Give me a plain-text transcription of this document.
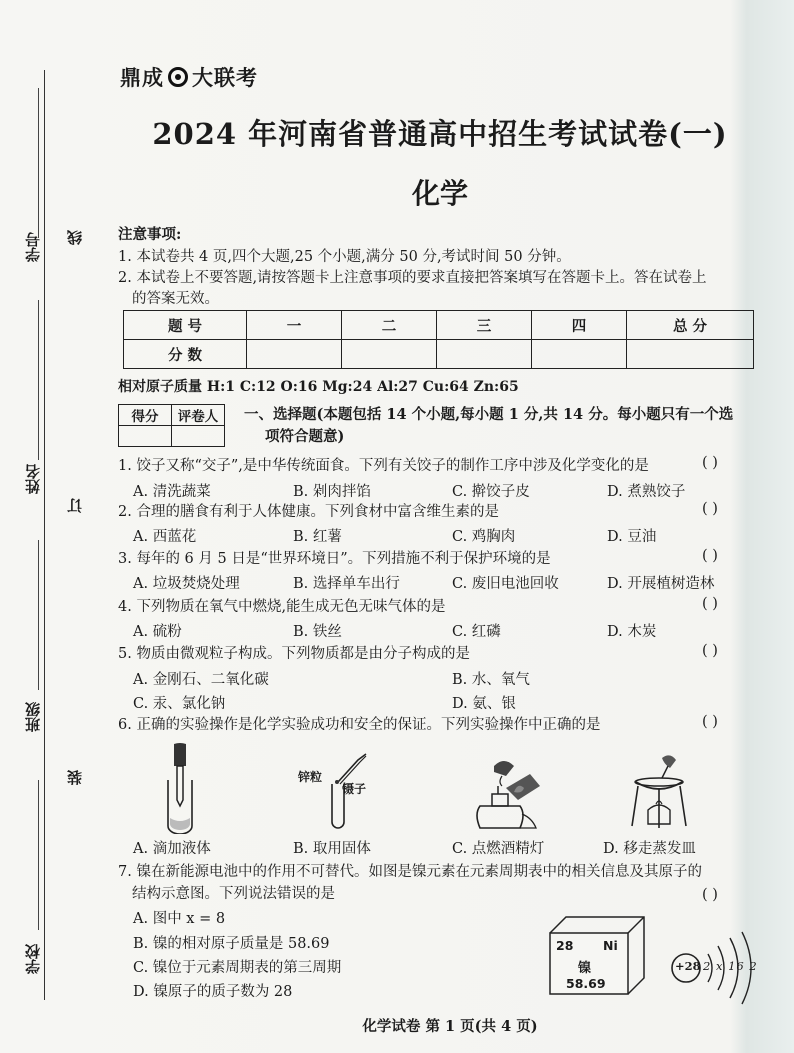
学号
姓名
班级
学校
线
订
装
鼎成 大联考
2024 年河南省普通高中招生考试试卷(一)
化学
注意事项:
1. 本试卷共 4 页,四个大题,25 个小题,满分 50 分,考试时间 50 分钟。
2. 本试卷上不要答题,请按答题卡上注意事项的要求直接把答案填写在答题卡上。答在试卷上
的答案无效。
题 号	一	二	三	四	总 分
分 数					
相对原子质量 H:1 C:12 O:16 Mg:24 Al:27 Cu:64 Zn:65
得分	评卷人
	一、选择题(本题包括 14 个小题,每小题 1 分,共 14 分。每小题只有一个选
项符合题意)
1. 饺子又称“交子”,是中华传统面食。下列有关饺子的制作工序中涉及化学变化的是	( )
A. 清洗蔬菜	B. 剁肉拌馅	C. 擀饺子皮	D. 煮熟饺子
2. 合理的膳食有利于人体健康。下列食材中富含维生素的是	( )
A. 西蓝花	B. 红薯	C. 鸡胸肉	D. 豆油
3. 每年的 6 月 5 日是“世界环境日”。下列措施不利于保护环境的是	( )
A. 垃圾焚烧处理	B. 选择单车出行	C. 废旧电池回收	D. 开展植树造林
4. 下列物质在氧气中燃烧,能生成无色无味气体的是	( )
A. 硫粉	B. 铁丝	C. 红磷	D. 木炭
5. 物质由微观粒子构成。下列物质都是由分子构成的是	( )
A. 金刚石、二氧化碳	B. 水、氧气
C. 汞、氯化钠	D. 氨、银
6. 正确的实验操作是化学实验成功和安全的保证。下列实验操作中正确的是	( )
锌粒
镊子
A. 滴加液体	B. 取用固体	C. 点燃酒精灯	D. 移走蒸发皿
7. 镍在新能源电池中的作用不可替代。如图是镍元素在元素周期表中的相关信息及其原子的
结构示意图。下列说法错误的是	( )
A. 图中 x = 8
B. 镍的相对原子质量是 58.69
C. 镍位于元素周期表的第三周期
D. 镍原子的质子数为 28
28 Ni
镍
58.69
+28 2 x 16 2
化学试卷 第 1 页(共 4 页)
